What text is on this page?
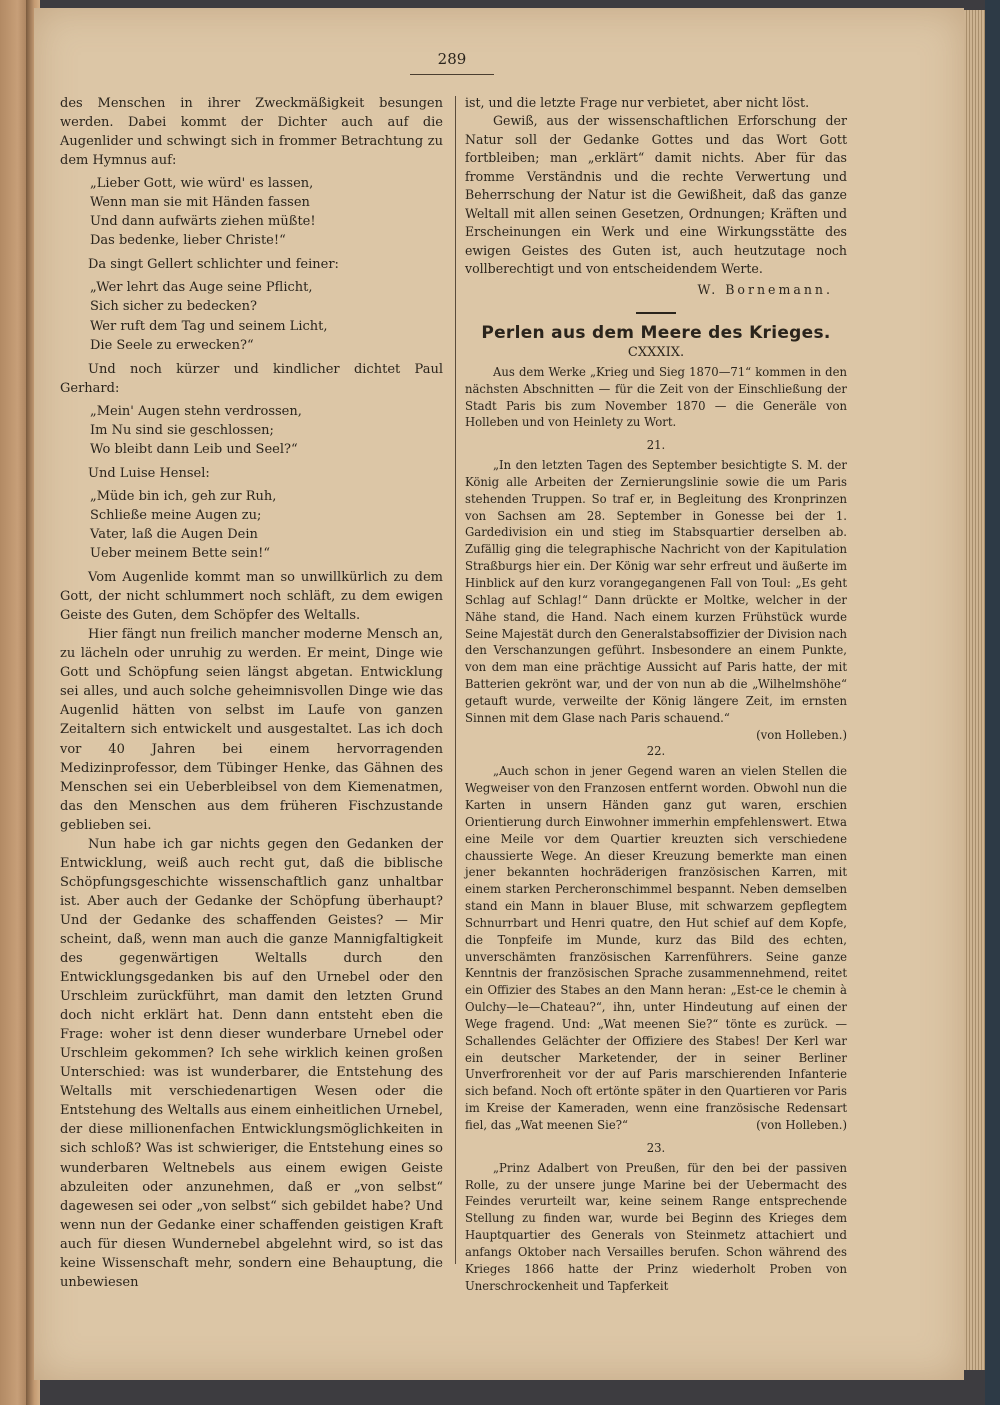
289

des Menschen in ihrer Zweckmäßigkeit besungen werden. Dabei kommt der Dichter auch auf die Augenlider und schwingt sich in frommer Betrachtung zu dem Hymnus auf:

„Lieber Gott, wie würd' es lassen,
Wenn man sie mit Händen fassen
Und dann aufwärts ziehen müßte!
Das bedenke, lieber Christe!“

Da singt Gellert schlichter und feiner:

„Wer lehrt das Auge seine Pflicht,
Sich sicher zu bedecken?
Wer ruft dem Tag und seinem Licht,
Die Seele zu erwecken?“

Und noch kürzer und kindlicher dichtet Paul Gerhard:

„Mein' Augen stehn verdrossen,
Im Nu sind sie geschlossen;
Wo bleibt dann Leib und Seel?“

Und Luise Hensel:

„Müde bin ich, geh zur Ruh,
Schließe meine Augen zu;
Vater, laß die Augen Dein
Ueber meinem Bette sein!“

Vom Augenlide kommt man so unwillkürlich zu dem Gott, der nicht schlummert noch schläft, zu dem ewigen Geiste des Guten, dem Schöpfer des Weltalls.

Hier fängt nun freilich mancher moderne Mensch an, zu lächeln oder unruhig zu werden. Er meint, Dinge wie Gott und Schöpfung seien längst abgetan. Entwicklung sei alles, und auch solche geheimnisvollen Dinge wie das Augenlid hätten von selbst im Laufe von ganzen Zeitaltern sich entwickelt und ausgestaltet. Las ich doch vor 40 Jahren bei einem hervorragenden Medizinprofessor, dem Tübinger Henke, das Gähnen des Menschen sei ein Ueberbleibsel von dem Kiemenatmen, das den Menschen aus dem früheren Fischzustande geblieben sei.

Nun habe ich gar nichts gegen den Gedanken der Entwicklung, weiß auch recht gut, daß die biblische Schöpfungsgeschichte wissenschaftlich ganz unhaltbar ist. Aber auch der Gedanke der Schöpfung überhaupt? Und der Gedanke des schaffenden Geistes? — Mir scheint, daß, wenn man auch die ganze Mannigfaltigkeit des gegenwärtigen Weltalls durch den Entwicklungsgedanken bis auf den Urnebel oder den Urschleim zurückführt, man damit den letzten Grund doch nicht erklärt hat. Denn dann entsteht eben die Frage: woher ist denn dieser wunderbare Urnebel oder Urschleim gekommen? Ich sehe wirklich keinen großen Unterschied: was ist wunderbarer, die Entstehung des Weltalls mit verschiedenartigen Wesen oder die Entstehung des Weltalls aus einem einheitlichen Urnebel, der diese millionenfachen Entwicklungsmöglichkeiten in sich schloß? Was ist schwieriger, die Entstehung eines so wunderbaren Weltnebels aus einem ewigen Geiste abzuleiten oder anzunehmen, daß er „von selbst“ dagewesen sei oder „von selbst“ sich gebildet habe? Und wenn nun der Gedanke einer schaffenden geistigen Kraft auch für diesen Wundernebel abgelehnt wird, so ist das keine Wissenschaft mehr, sondern eine Behauptung, die unbewiesen

ist, und die letzte Frage nur verbietet, aber nicht löst.

Gewiß, aus der wissenschaftlichen Erforschung der Natur soll der Gedanke Gottes und das Wort Gott fortbleiben; man „erklärt“ damit nichts. Aber für das fromme Verständnis und die rechte Verwertung und Beherrschung der Natur ist die Gewißheit, daß das ganze Weltall mit allen seinen Gesetzen, Ordnungen; Kräften und Erscheinungen ein Werk und eine Wirkungsstätte des ewigen Geistes des Guten ist, auch heutzutage noch vollberechtigt und von entscheidendem Werte.

W. Bornemann.
Perlen aus dem Meere des Krieges.
CXXXIX.

Aus dem Werke „Krieg und Sieg 1870—71“ kommen in den nächsten Abschnitten — für die Zeit von der Einschließung der Stadt Paris bis zum November 1870 — die Generäle von Holleben und von Heinlety zu Wort.

21.

„In den letzten Tagen des September besichtigte S. M. der König alle Arbeiten der Zernierungslinie sowie die um Paris stehenden Truppen. So traf er, in Begleitung des Kronprinzen von Sachsen am 28. September in Gonesse bei der 1. Gardedivision ein und stieg im Stabsquartier derselben ab. Zufällig ging die telegraphische Nachricht von der Kapitulation Straßburgs hier ein. Der König war sehr erfreut und äußerte im Hinblick auf den kurz vorangegangenen Fall von Toul: „Es geht Schlag auf Schlag!“ Dann drückte er Moltke, welcher in der Nähe stand, die Hand. Nach einem kurzen Frühstück wurde Seine Majestät durch den Generalstabsoffizier der Division nach den Verschanzungen geführt. Insbesondere an einem Punkte, von dem man eine prächtige Aussicht auf Paris hatte, der mit Batterien gekrönt war, und der von nun ab die „Wilhelmshöhe“ getauft wurde, verweilte der König längere Zeit, im ernsten Sinnen mit dem Glase nach Paris schauend.“
(von Holleben.)

22.

„Auch schon in jener Gegend waren an vielen Stellen die Wegweiser von den Franzosen entfernt worden. Obwohl nun die Karten in unsern Händen ganz gut waren, erschien Orientierung durch Einwohner immerhin empfehlenswert. Etwa eine Meile vor dem Quartier kreuzten sich verschiedene chaussierte Wege. An dieser Kreuzung bemerkte man einen jener bekannten hochräderigen französischen Karren, mit einem starken Percheronschimmel bespannt. Neben demselben stand ein Mann in blauer Bluse, mit schwarzem gepflegtem Schnurrbart und Henri quatre, den Hut schief auf dem Kopfe, die Tonpfeife im Munde, kurz das Bild des echten, unverschämten französischen Karrenführers. Seine ganze Kenntnis der französischen Sprache zusammennehmend, reitet ein Offizier des Stabes an den Mann heran: „Est-ce le chemin à Oulchy—le—Chateau?“, ihn, unter Hindeutung auf einen der Wege fragend. Und: „Wat meenen Sie?“ tönte es zurück. — Schallendes Gelächter der Offiziere des Stabes! Der Kerl war ein deutscher Marketender, der in seiner Berliner Unverfrorenheit vor der auf Paris marschierenden Infanterie sich befand. Noch oft ertönte später in den Quartieren vor Paris im Kreise der Kameraden, wenn eine französische Redensart fiel, das „Wat meenen Sie?“	(von Holleben.)

23.

„Prinz Adalbert von Preußen, für den bei der passiven Rolle, zu der unsere junge Marine bei der Uebermacht des Feindes verurteilt war, keine seinem Range entsprechende Stellung zu finden war, wurde bei Beginn des Krieges dem Hauptquartier des Generals von Steinmetz attachiert und anfangs Oktober nach Versailles berufen. Schon während des Krieges 1866 hatte der Prinz wiederholt Proben von Unerschrockenheit und Tapferkeit
